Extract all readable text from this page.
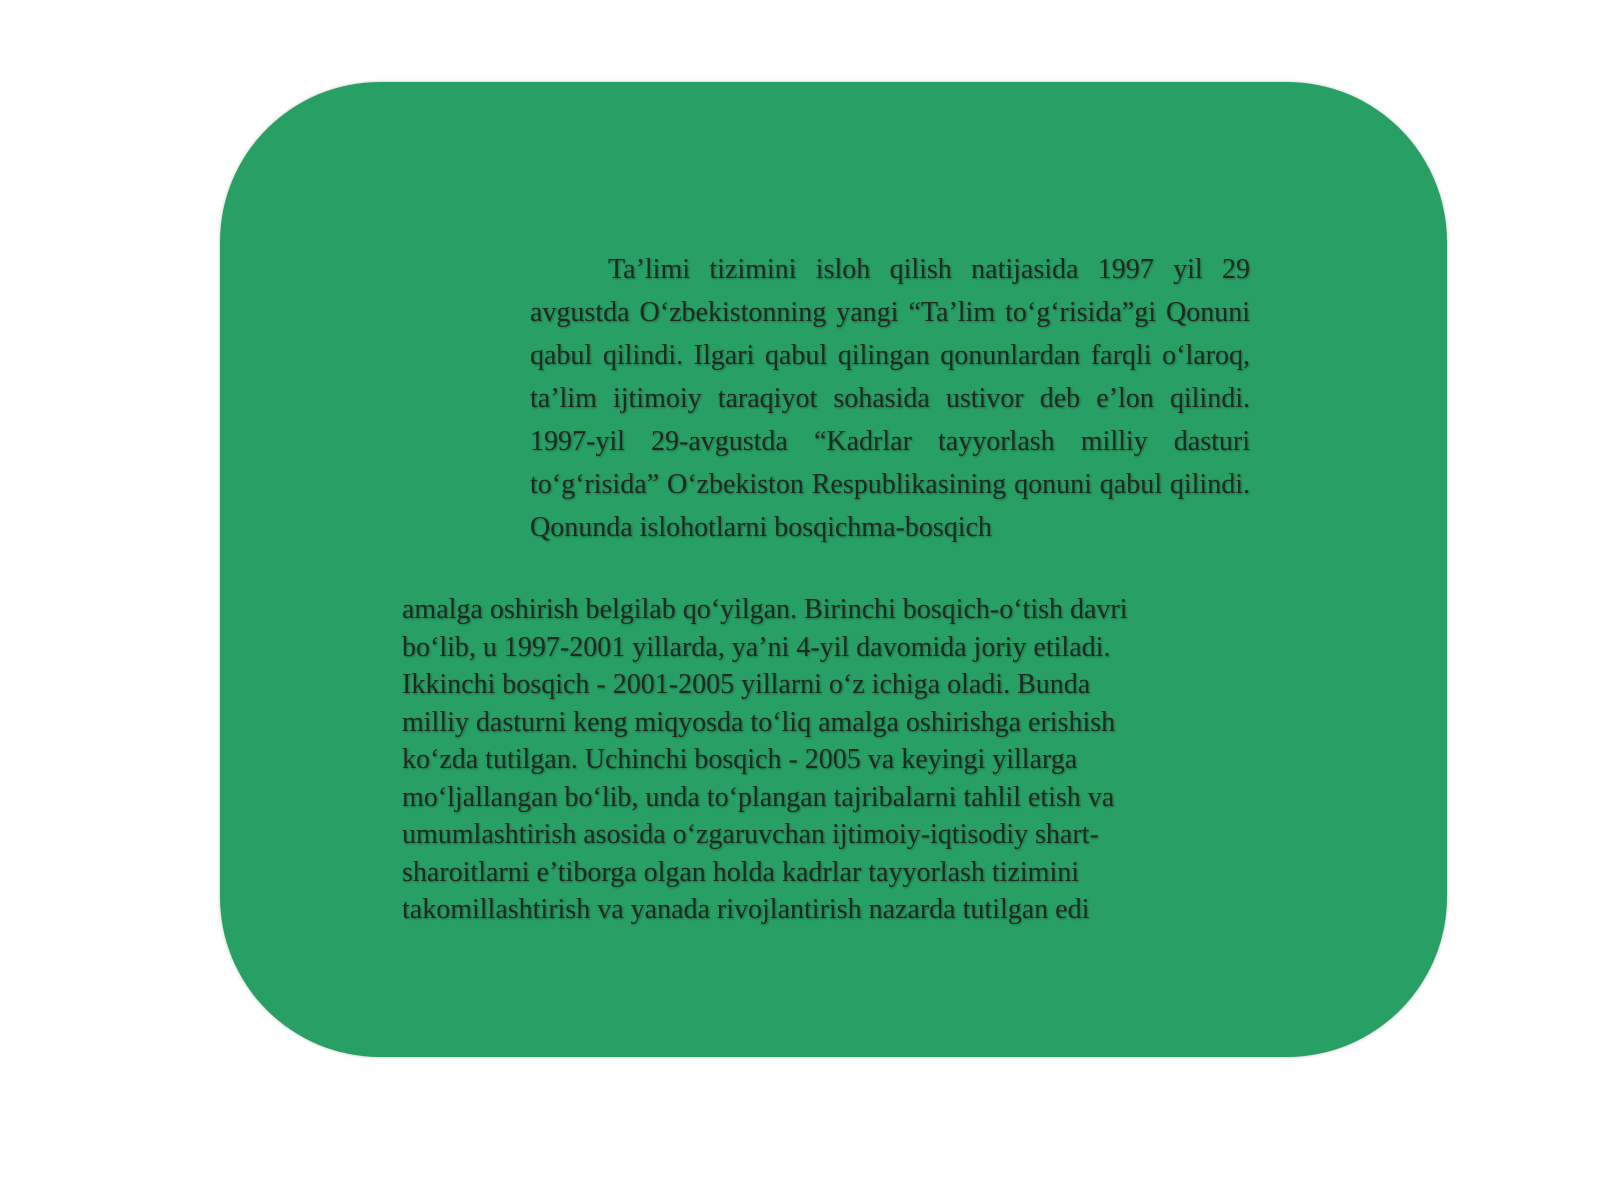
Ta’limi tizimini isloh qilish natijasida 1997 yil 29 avgustda O‘zbekistonning yangi “Ta’lim to‘g‘risida”gi Qonuni qabul qilindi. Ilgari qabul qilingan qonunlardan farqli o‘laroq, ta’lim ijtimoiy taraqiyot sohasida ustivor deb e’lon qilindi. 1997-yil 29-avgustda “Kadrlar tayyorlash milliy dasturi to‘g‘risida” O‘zbekiston Respublikasining qonuni qabul qilindi. Qonunda islohotlarni bosqichma-bosqich

amalga oshirish belgilab qo‘yilgan. Birinchi bosqich-o‘tish davri
bo‘lib, u 1997-2001 yillarda, ya’ni 4-yil davomida joriy etiladi.
Ikkinchi bosqich - 2001-2005 yillarni o‘z ichiga oladi. Bunda
milliy dasturni keng miqyosda to‘liq amalga oshirishga erishish
ko‘zda tutilgan. Uchinchi bosqich - 2005 va keyingi yillarga
mo‘ljallangan bo‘lib, unda to‘plangan tajribalarni tahlil etish va
umumlashtirish asosida o‘zgaruvchan ijtimoiy-iqtisodiy shart-
sharoitlarni e’tiborga olgan holda kadrlar tayyorlash tizimini
takomillashtirish va yanada rivojlantirish nazarda tutilgan edi
